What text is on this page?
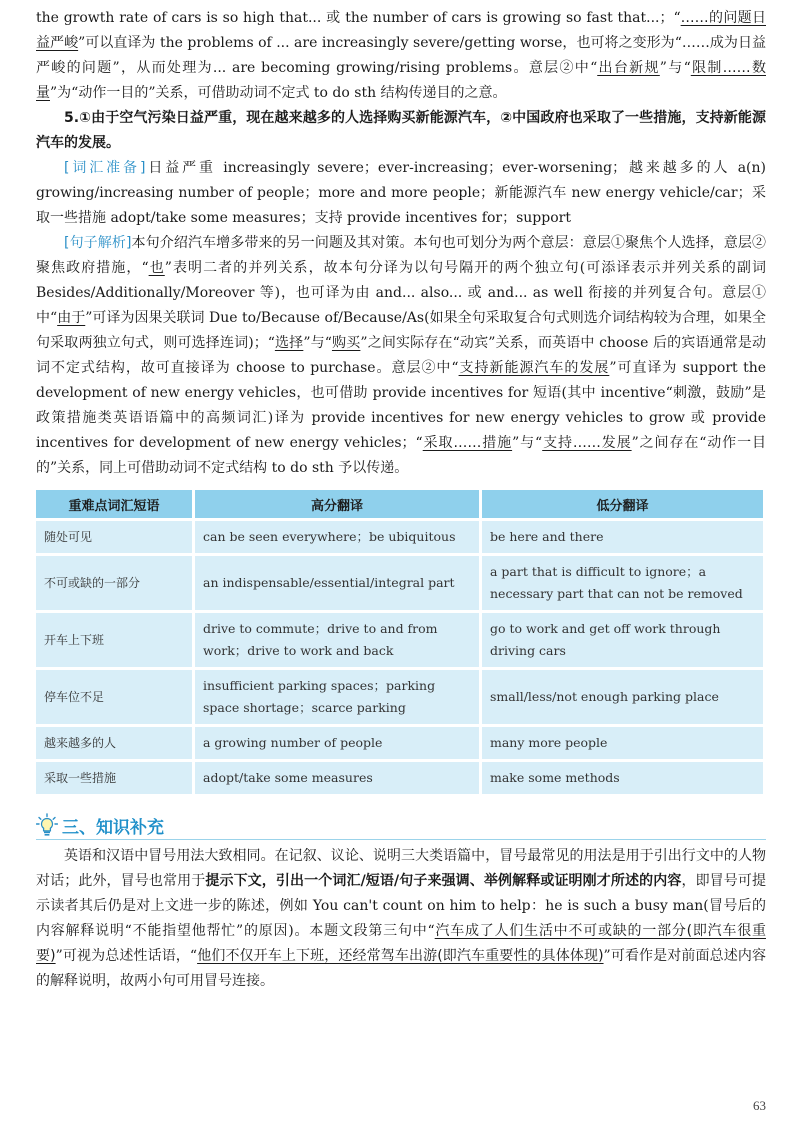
the growth rate of cars is so high that... 或 the number of cars is growing so fast that...；“……的问题日益严峻”可以直译为 the problems of ... are increasingly severe/getting worse，也可将之变形为“……成为日益严峻的问题”，从而处理为... are becoming growing/rising problems。意层②中“出台新规”与“限制……数量”为“动作一目的”关系，可借助动词不定式 to do sth 结构传递目的之意。

5.①由于空气污染日益严重，现在越来越多的人选择购买新能源汽车，②中国政府也采取了一些措施，支持新能源汽车的发展。

[词汇准备]日益严重 increasingly severe；ever-increasing；ever-worsening；越来越多的人 a(n) growing/increasing number of people；more and more people；新能源汽车 new energy vehicle/car；采取一些措施 adopt/take some measures；支持 provide incentives for；support

[句子解析]本句介绍汽车增多带来的另一问题及其对策。本句也可划分为两个意层：意层①聚焦个人选择，意层②聚焦政府措施，“也”表明二者的并列关系，故本句分译为以句号隔开的两个独立句(可添译表示并列关系的副词 Besides/Additionally/Moreover 等)，也可译为由 and... also... 或 and... as well 衔接的并列复合句。意层①中“由于”可译为因果关联词 Due to/Because of/Because/As(如果全句采取复合句式则选介词结构较为合理，如果全句采取两独立句式，则可选择连词)；“选择”与“购买”之间实际存在“动宾”关系，而英语中 choose 后的宾语通常是动词不定式结构，故可直接译为 choose to purchase。意层②中“支持新能源汽车的发展”可直译为 support the development of new energy vehicles，也可借助 provide incentives for 短语(其中 incentive“刺激，鼓励”是政策措施类英语语篇中的高频词汇)译为 provide incentives for new energy vehicles to grow 或 provide incentives for development of new energy vehicles；“采取……措施”与“支持……发展”之间存在“动作一目的”关系，同上可借助动词不定式结构 to do sth 予以传递。

重难点词汇短语	高分翻译	低分翻译
随处可见	can be seen everywhere；be ubiquitous	be here and there
不可或缺的一部分	an indispensable/essential/integral part	a part that is difficult to ignore；a necessary part that can not be removed
开车上下班	drive to commute；drive to and from work；drive to work and back	go to work and get off work through driving cars
停车位不足	insufficient parking spaces；parking space shortage；scarce parking	small/less/not enough parking place
越来越多的人	a growing number of people	many more people
采取一些措施	adopt/take some measures	make some methods
三、知识补充

英语和汉语中冒号用法大致相同。在记叙、议论、说明三大类语篇中，冒号最常见的用法是用于引出行文中的人物对话；此外，冒号也常用于提示下文，引出一个词汇/短语/句子来强调、举例解释或证明刚才所述的内容，即冒号可提示读者其后仍是对上文进一步的陈述，例如 You can't count on him to help：he is such a busy man(冒号后的内容解释说明“不能指望他帮忙”的原因)。本题文段第三句中“汽车成了人们生活中不可或缺的一部分(即汽车很重要)”可视为总述性话语，“他们不仅开车上下班，还经常驾车出游(即汽车重要性的具体体现)”可看作是对前面总述内容的解释说明，故两小句可用冒号连接。

63
